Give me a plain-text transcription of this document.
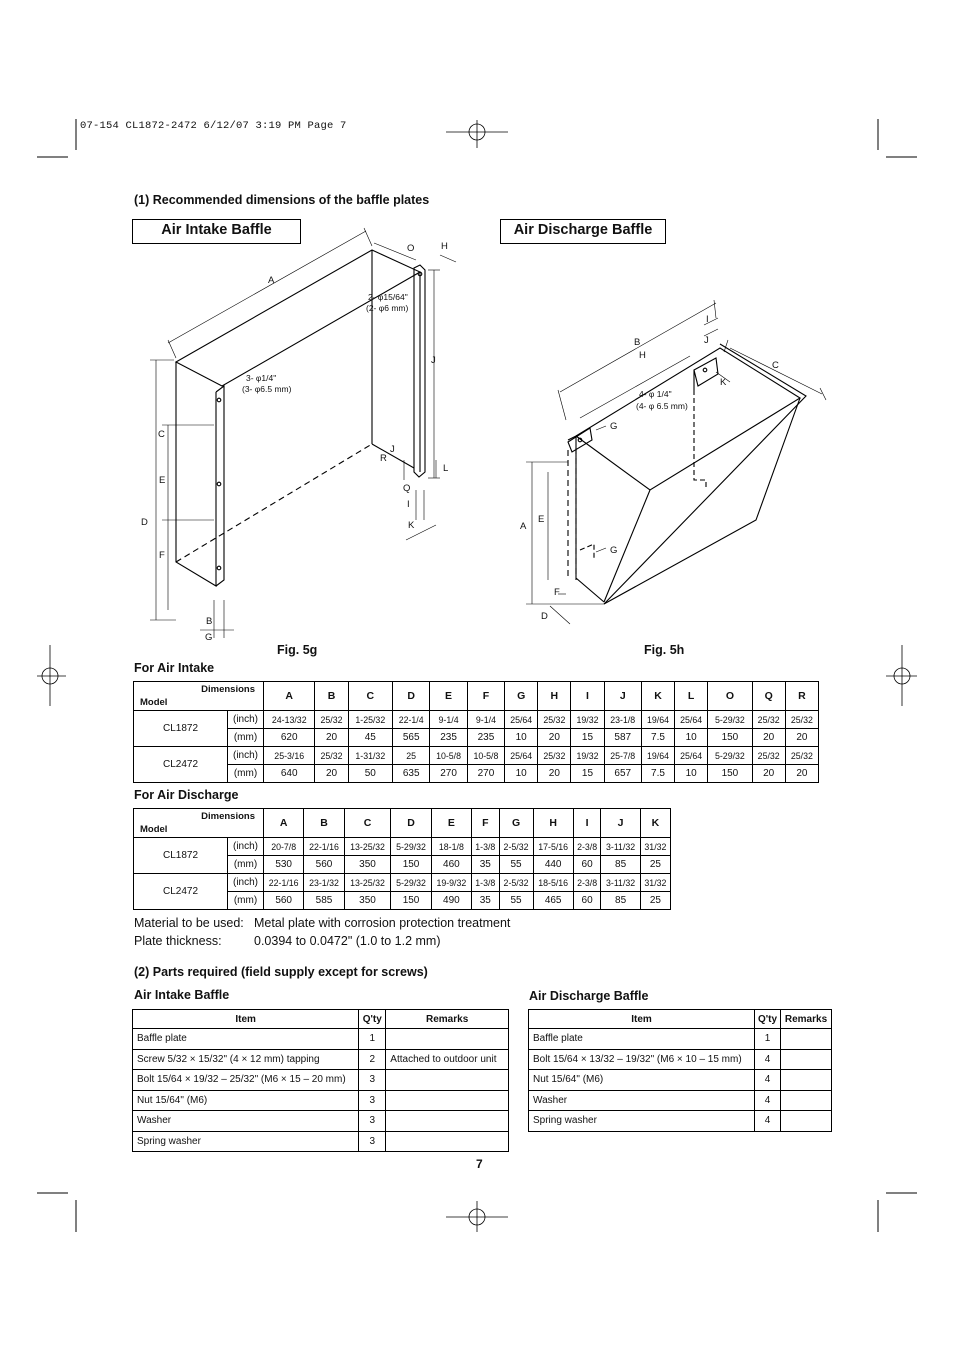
07-154 CL1872-2472 6/12/07 3:19 PM Page 7
(1) Recommended dimensions of the baffle plates
Air Intake Baffle	Air Discharge Baffle
A
O	H
J
2- φ15/64"
(2- φ6 mm)
3- φ1/4"
(3- φ6.5 mm)
C
E
D
F
B
G
J
R
L
Q
I
K
B
H
I
J
C
K
4- φ 1/4"
(4- φ 6.5 mm)
G
E
A
G
F
D
Fig. 5g	Fig. 5h
For Air Intake
Dimensions
Model		A	B	C	D	E	F	G	H	I	J	K	L	O	Q	R
CL1872	(inch)	24-13/32	25/32	1-25/32	22-1/4	9-1/4	9-1/4	25/64	25/32	19/32	23-1/8	19/64	25/64	5-29/32	25/32	25/32
	(mm)	620	20	45	565	235	235	10	20	15	587	7.5	10	150	20	20
CL2472	(inch)	25-3/16	25/32	1-31/32	25	10-5/8	10-5/8	25/64	25/32	19/32	25-7/8	19/64	25/64	5-29/32	25/32	25/32
	(mm)	640	20	50	635	270	270	10	20	15	657	7.5	10	150	20	20
For Air Discharge
Dimensions
Model		A	B	C	D	E	F	G	H	I	J	K
CL1872	(inch)	20-7/8	22-1/16	13-25/32	5-29/32	18-1/8	1-3/8	2-5/32	17-5/16	2-3/8	3-11/32	31/32
	(mm)	530	560	350	150	460	35	55	440	60	85	25
CL2472	(inch)	22-1/16	23-1/32	13-25/32	5-29/32	19-9/32	1-3/8	2-5/32	18-5/16	2-3/8	3-11/32	31/32
	(mm)	560	585	350	150	490	35	55	465	60	85	25
Material to be used: Metal plate with corrosion protection treatment
Plate thickness:	0.0394 to 0.0472" (1.0 to 1.2 mm)
(2) Parts required (field supply except for screws)
Air Intake Baffle
Item	Q'ty	Remarks
Baffle plate	1	
Screw 5/32 × 15/32" (4 × 12 mm) tapping	2	Attached to outdoor unit
Bolt 15/64 × 19/32 – 25/32" (M6 × 15 – 20 mm)	3	
Nut 15/64" (M6)	3	
Washer	3	
Spring washer	3	
Air Discharge Baffle
Item	Q'ty	Remarks
Baffle plate	1	
Bolt 15/64 × 13/32 – 19/32" (M6 × 10 – 15 mm)	4	
Nut 15/64" (M6)	4	
Washer	4	
Spring washer	4	
7
